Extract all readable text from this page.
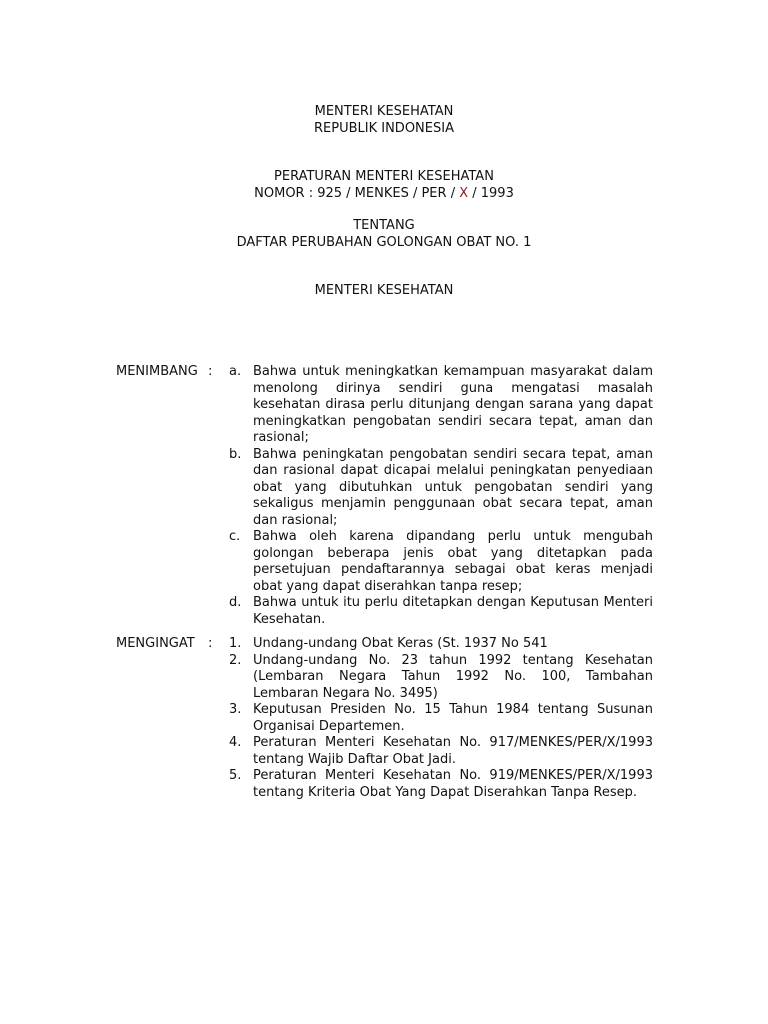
MENTERI KESEHATAN
REPUBLIK INDONESIA
PERATURAN MENTERI KESEHATAN
NOMOR : 925 / MENKES / PER / X / 1993
TENTANG
DAFTAR PERUBAHAN GOLONGAN OBAT NO. 1
MENTERI KESEHATAN
MENIMBANG : a. Bahwa untuk meningkatkan kemampuan masyarakat dalam menolong dirinya sendiri guna mengatasi masalah kesehatan dirasa perlu ditunjang dengan sarana yang dapat meningkatkan pengobatan sendiri secara tepat, aman dan rasional;
b. Bahwa peningkatan pengobatan sendiri secara tepat, aman dan rasional dapat dicapai melalui peningkatan penyediaan obat yang dibutuhkan untuk pengobatan sendiri yang sekaligus menjamin penggunaan obat secara tepat, aman dan rasional;
c. Bahwa oleh karena dipandang perlu untuk mengubah golongan beberapa jenis obat yang ditetapkan pada persetujuan pendaftarannya sebagai obat keras menjadi obat yang dapat diserahkan tanpa resep;
d. Bahwa untuk itu perlu ditetapkan dengan Keputusan Menteri Kesehatan.
MENGINGAT : 1. Undang-undang Obat Keras (St. 1937 No 541
2. Undang-undang No. 23 tahun 1992 tentang Kesehatan (Lembaran Negara Tahun 1992 No. 100, Tambahan Lembaran Negara No. 3495)
3. Keputusan Presiden No. 15 Tahun 1984 tentang Susunan Organisai Departemen.
4. Peraturan Menteri Kesehatan No. 917/MENKES/PER/X/1993 tentang Wajib Daftar Obat Jadi.
5. Peraturan Menteri Kesehatan No. 919/MENKES/PER/X/1993 tentang Kriteria Obat Yang Dapat Diserahkan Tanpa Resep.
